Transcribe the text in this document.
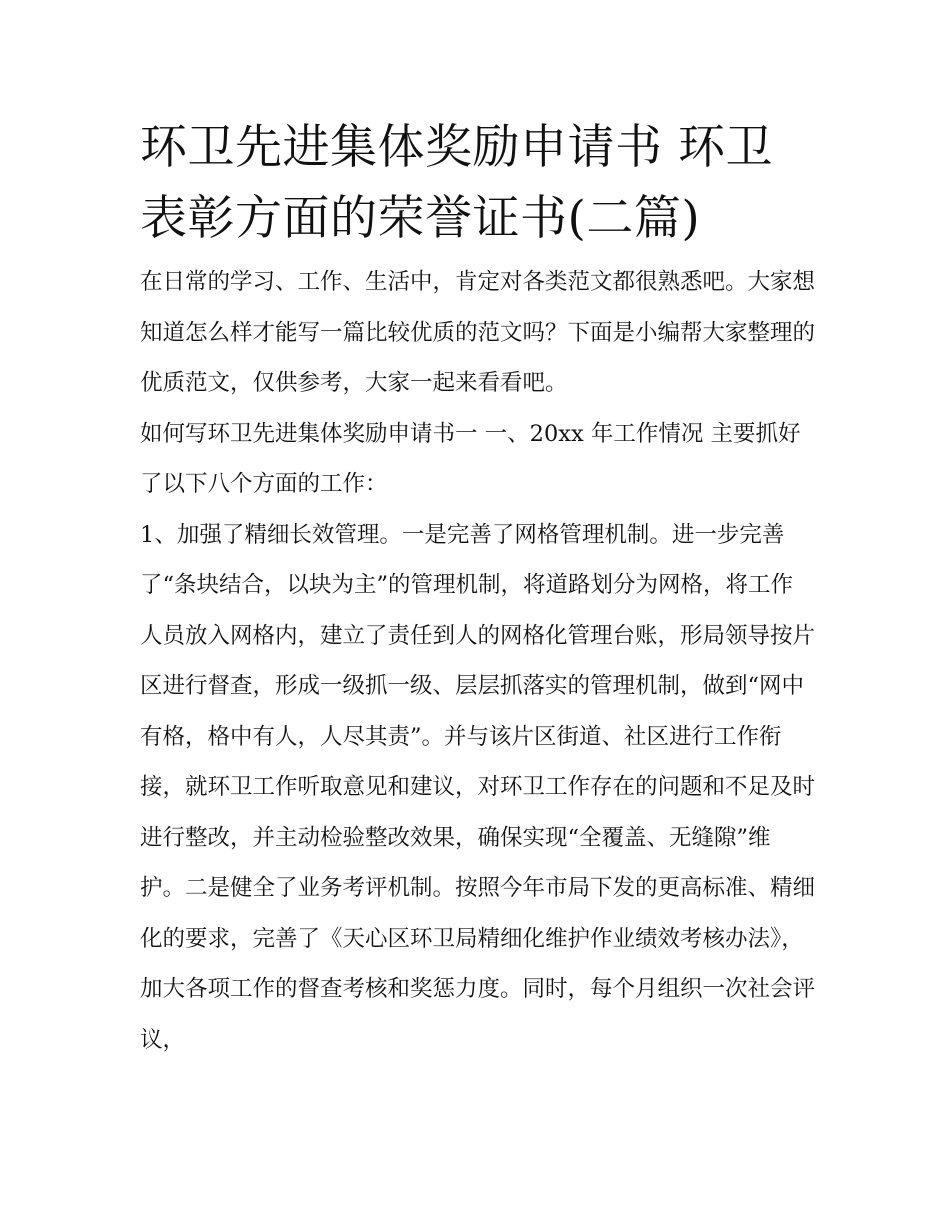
环卫先进集体奖励申请书 环卫表彰方面的荣誉证书(二篇)

在日常的学习、工作、生活中，肯定对各类范文都很熟悉吧。大家想知道怎么样才能写一篇比较优质的范文吗？下面是小编帮大家整理的优质范文，仅供参考，大家一起来看看吧。

如何写环卫先进集体奖励申请书一 一、20xx 年工作情况 主要抓好了以下八个方面的工作：

1、加强了精细长效管理。一是完善了网格管理机制。进一步完善了“条块结合，以块为主”的管理机制，将道路划分为网格，将工作人员放入网格内，建立了责任到人的网格化管理台账，形局领导按片区进行督查，形成一级抓一级、层层抓落实的管理机制，做到“网中有格，格中有人，人尽其责”。并与该片区街道、社区进行工作衔接，就环卫工作听取意见和建议，对环卫工作存在的问题和不足及时进行整改，并主动检验整改效果，确保实现“全覆盖、无缝隙”维护。二是健全了业务考评机制。按照今年市局下发的更高标准、精细化的要求，完善了《天心区环卫局精细化维护作业绩效考核办法》，加大各项工作的督查考核和奖惩力度。同时，每个月组织一次社会评议，
